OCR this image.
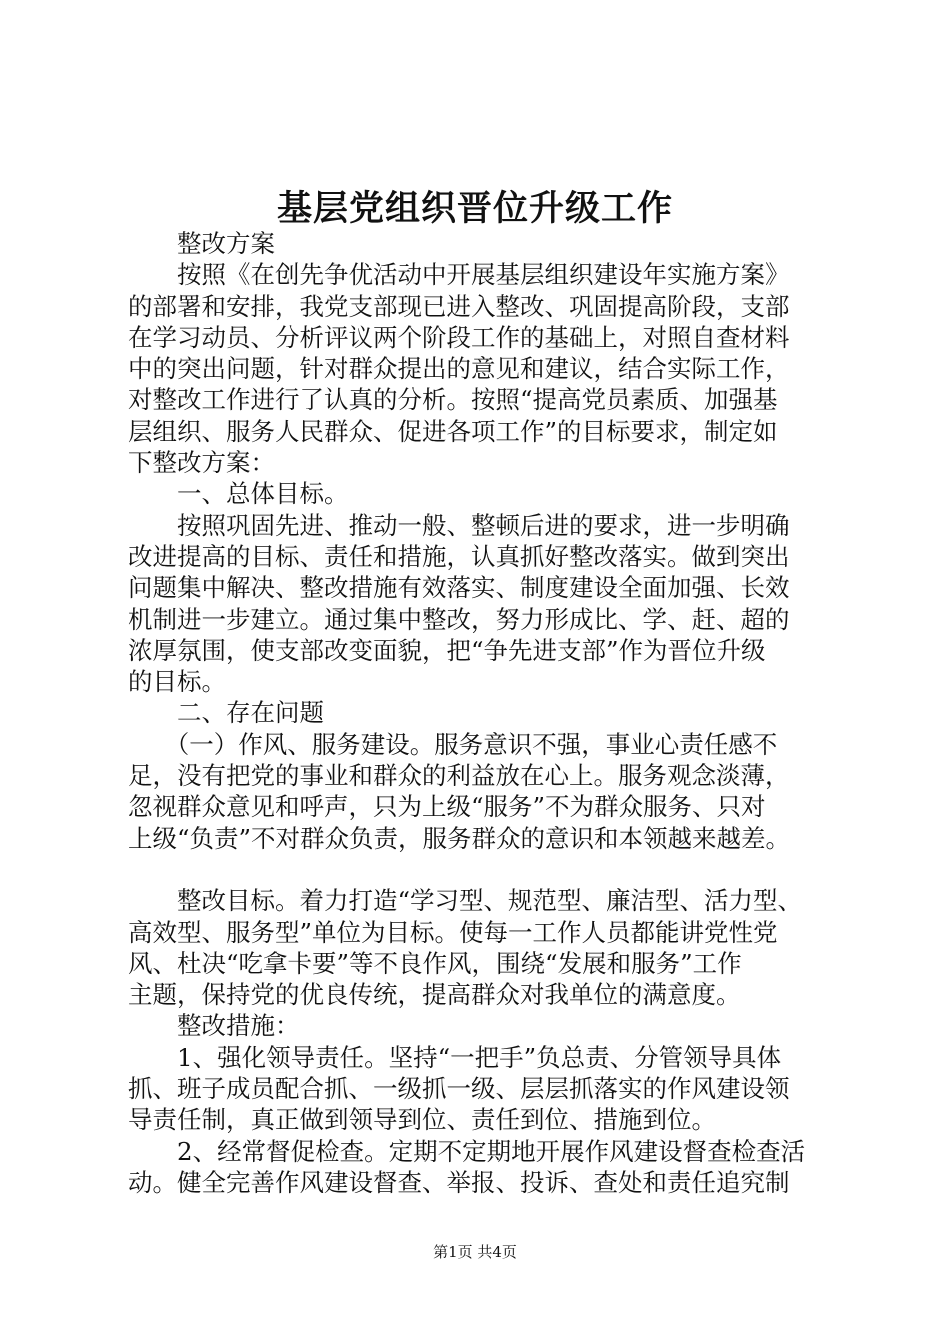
基层党组织晋位升级工作

　　整改方案

　　按照《在创先争优活动中开展基层组织建设年实施方案》

的部署和安排，我党支部现已进入整改、巩固提高阶段，支部

在学习动员、分析评议两个阶段工作的基础上，对照自查材料

中的突出问题，针对群众提出的意见和建议，结合实际工作，

对整改工作进行了认真的分析。按照“提高党员素质、加强基

层组织、服务人民群众、促进各项工作”的目标要求，制定如

下整改方案：

　　一、总体目标。

　　按照巩固先进、推动一般、整顿后进的要求，进一步明确

改进提高的目标、责任和措施，认真抓好整改落实。做到突出

问题集中解决、整改措施有效落实、制度建设全面加强、长效

机制进一步建立。通过集中整改，努力形成比、学、赶、超的

浓厚氛围，使支部改变面貌，把“争先进支部”作为晋位升级

的目标。

　　二、存在问题

　　（一）作风、服务建设。服务意识不强，事业心责任感不

足，没有把党的事业和群众的利益放在心上。服务观念淡薄，

忽视群众意见和呼声，只为上级“服务”不为群众服务、只对

上级“负责”不对群众负责，服务群众的意识和本领越来越差。

　　整改目标。着力打造“学习型、规范型、廉洁型、活力型、

高效型、服务型”单位为目标。使每一工作人员都能讲党性党

风、杜决“吃拿卡要”等不良作风，围绕“发展和服务”工作

主题，保持党的优良传统，提高群众对我单位的满意度。

　　整改措施：

　　1、强化领导责任。坚持“一把手”负总责、分管领导具体

抓、班子成员配合抓、一级抓一级、层层抓落实的作风建设领

导责任制，真正做到领导到位、责任到位、措施到位。

　　2、经常督促检查。定期不定期地开展作风建设督查检查活

动。健全完善作风建设督查、举报、投诉、查处和责任追究制

第1页 共4页
